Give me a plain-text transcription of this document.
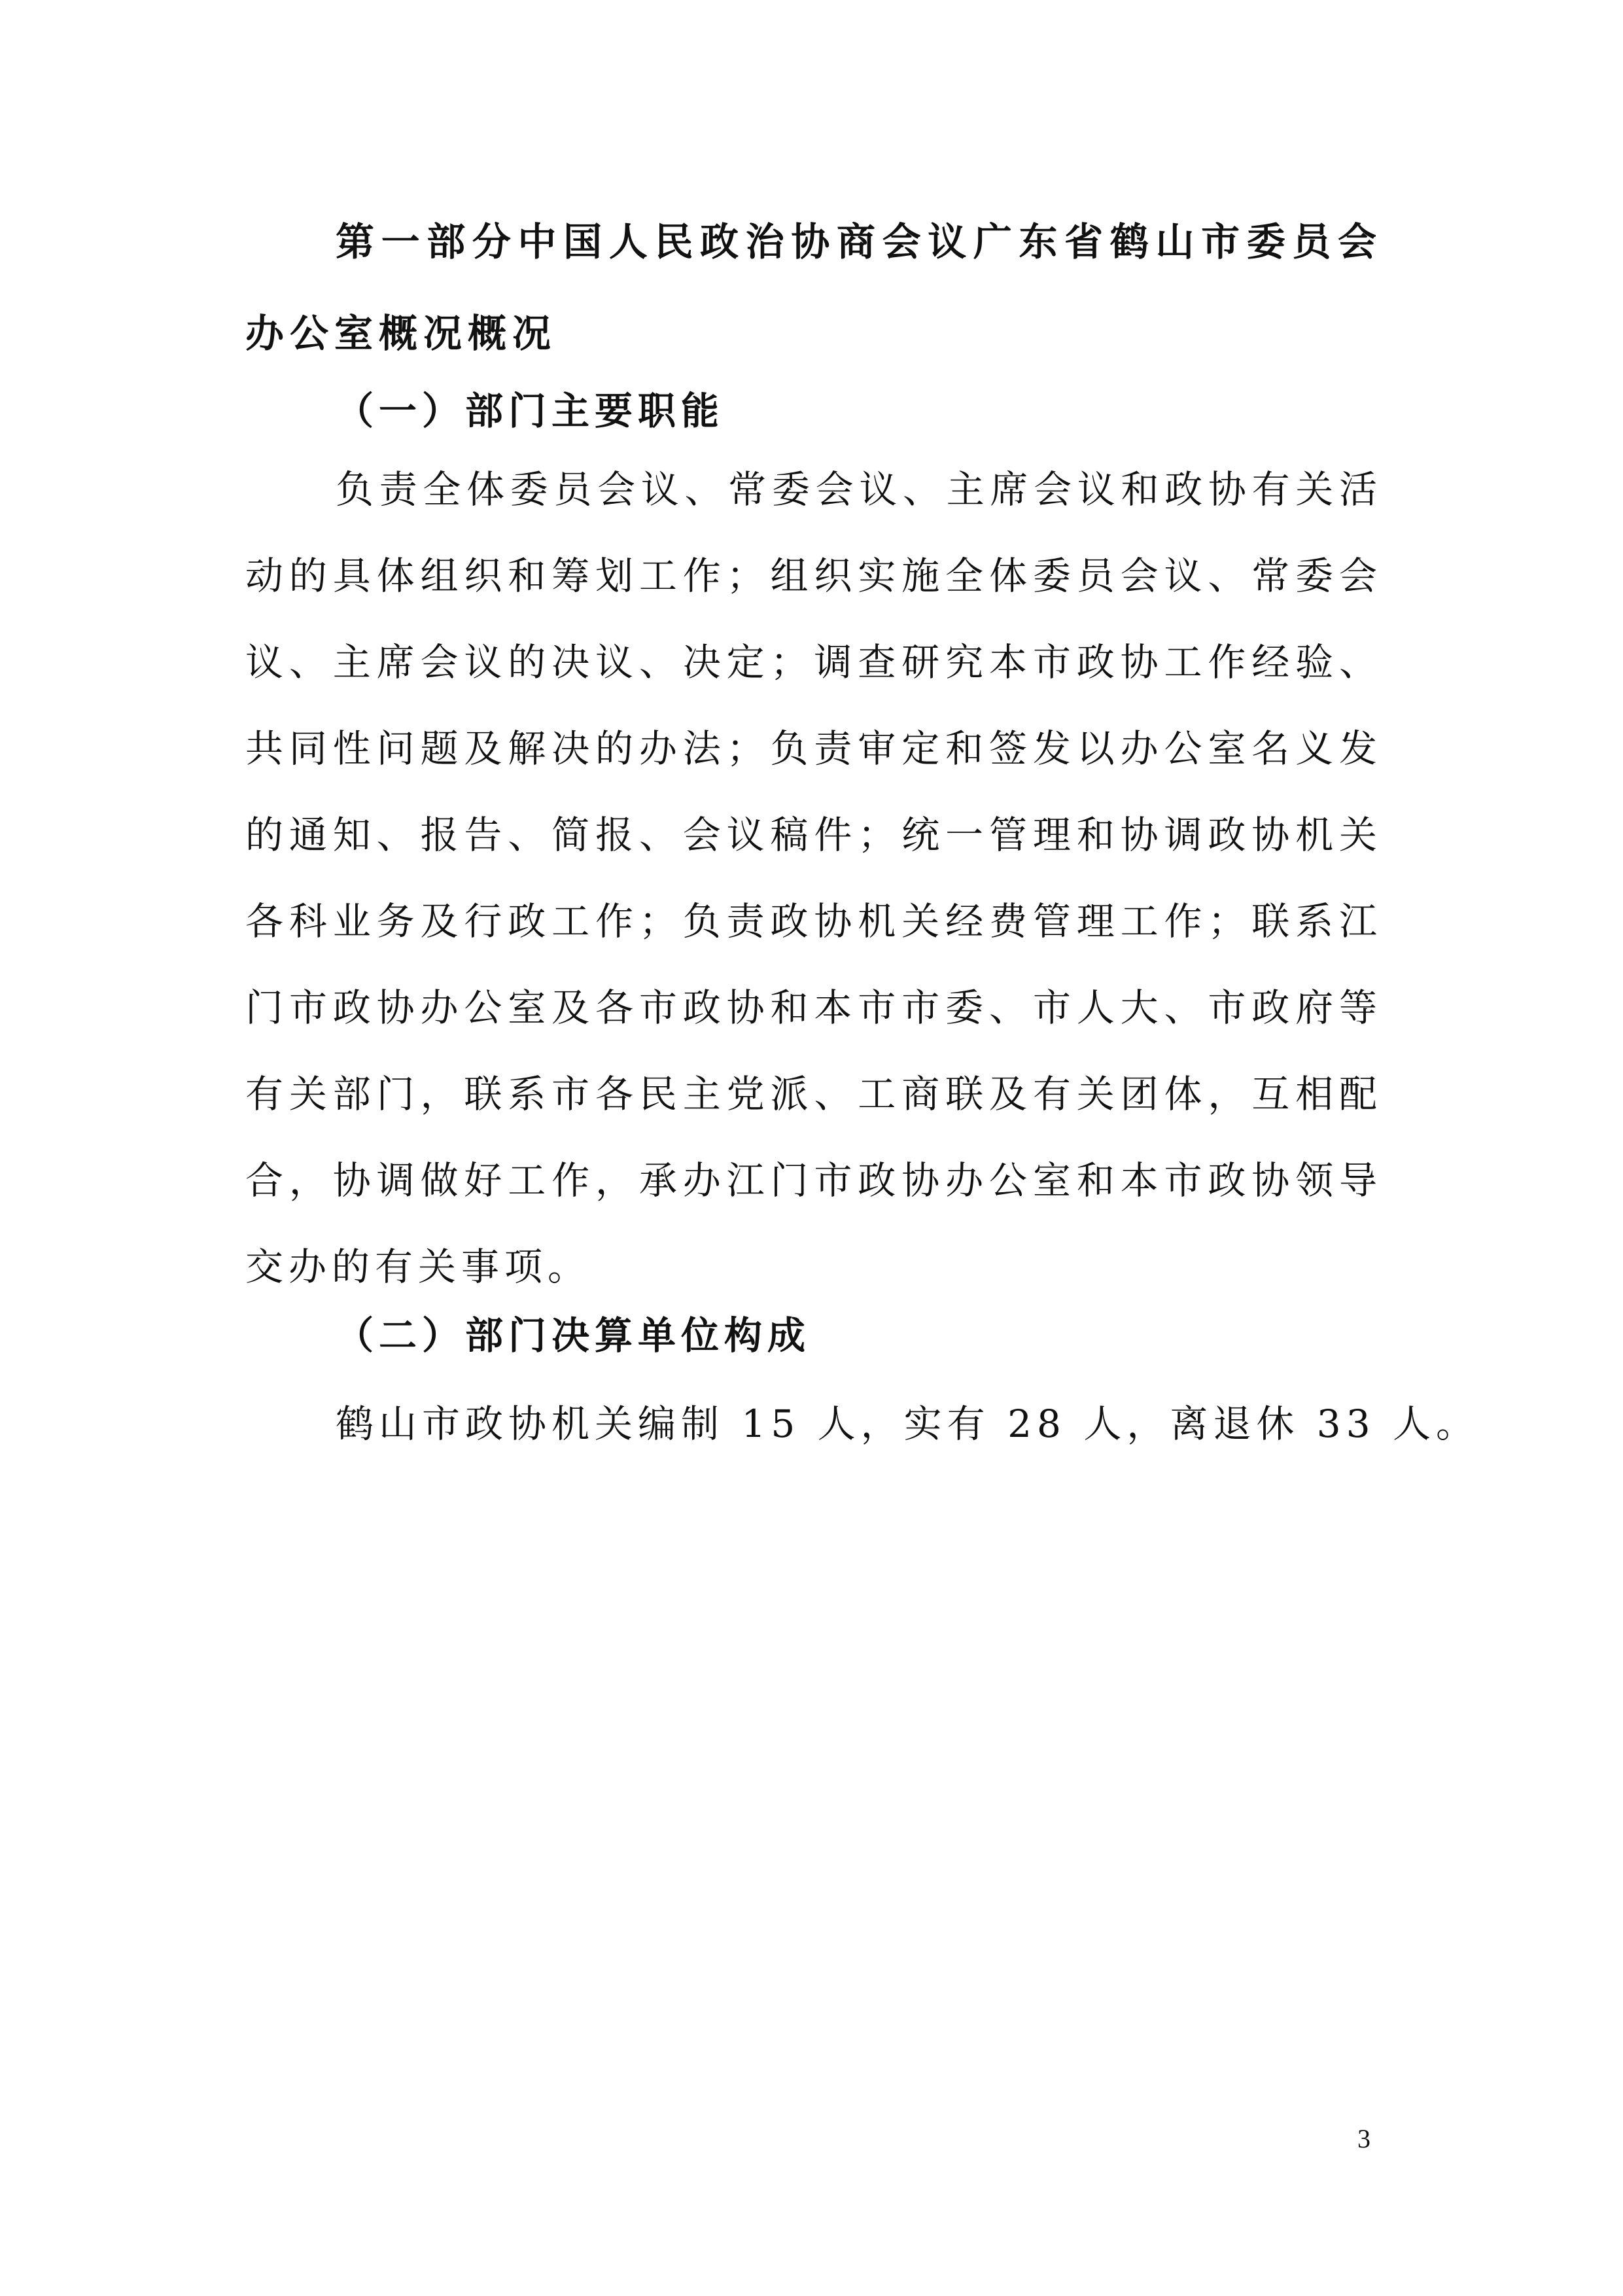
第一部分中国人民政治协商会议广东省鹤山市委员会办公室概况概况
（一）部门主要职能
负责全体委员会议、常委会议、主席会议和政协有关活动的具体组织和筹划工作；组织实施全体委员会议、常委会议、主席会议的决议、决定；调查研究本市政协工作经验、共同性问题及解决的办法；负责审定和签发以办公室名义发的通知、报告、简报、会议稿件；统一管理和协调政协机关各科业务及行政工作；负责政协机关经费管理工作；联系江门市政协办公室及各市政协和本市市委、市人大、市政府等有关部门，联系市各民主党派、工商联及有关团体，互相配合，协调做好工作，承办江门市政协办公室和本市政协领导交办的有关事项。
（二）部门决算单位构成
鹤山市政协机关编制 15 人，实有 28 人，离退休 33 人。
3
